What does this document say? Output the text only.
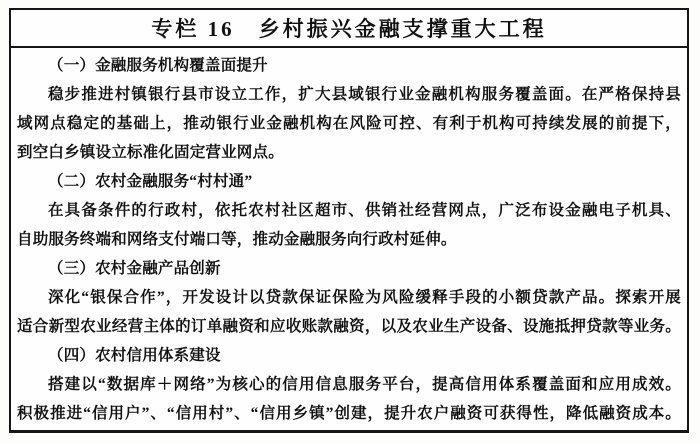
专栏 16　乡村振兴金融支撑重大工程
（一）金融服务机构覆盖面提升
稳步推进村镇银行县市设立工作，扩大县域银行业金融机构服务覆盖面。在严格保持县
域网点稳定的基础上，推动银行业金融机构在风险可控、有利于机构可持续发展的前提下，
到空白乡镇设立标准化固定营业网点。
（二）农村金融服务“村村通”
在具备条件的行政村，依托农村社区超市、供销社经营网点，广泛布设金融电子机具、
自助服务终端和网络支付端口等，推动金融服务向行政村延伸。
（三）农村金融产品创新
深化“银保合作”，开发设计以贷款保证保险为风险缓释手段的小额贷款产品。探索开展
适合新型农业经营主体的订单融资和应收账款融资，以及农业生产设备、设施抵押贷款等业务。
（四）农村信用体系建设
搭建以“数据库＋网络”为核心的信用信息服务平台，提高信用体系覆盖面和应用成效。
积极推进“信用户”、“信用村”、“信用乡镇”创建，提升农户融资可获得性，降低融资成本。
